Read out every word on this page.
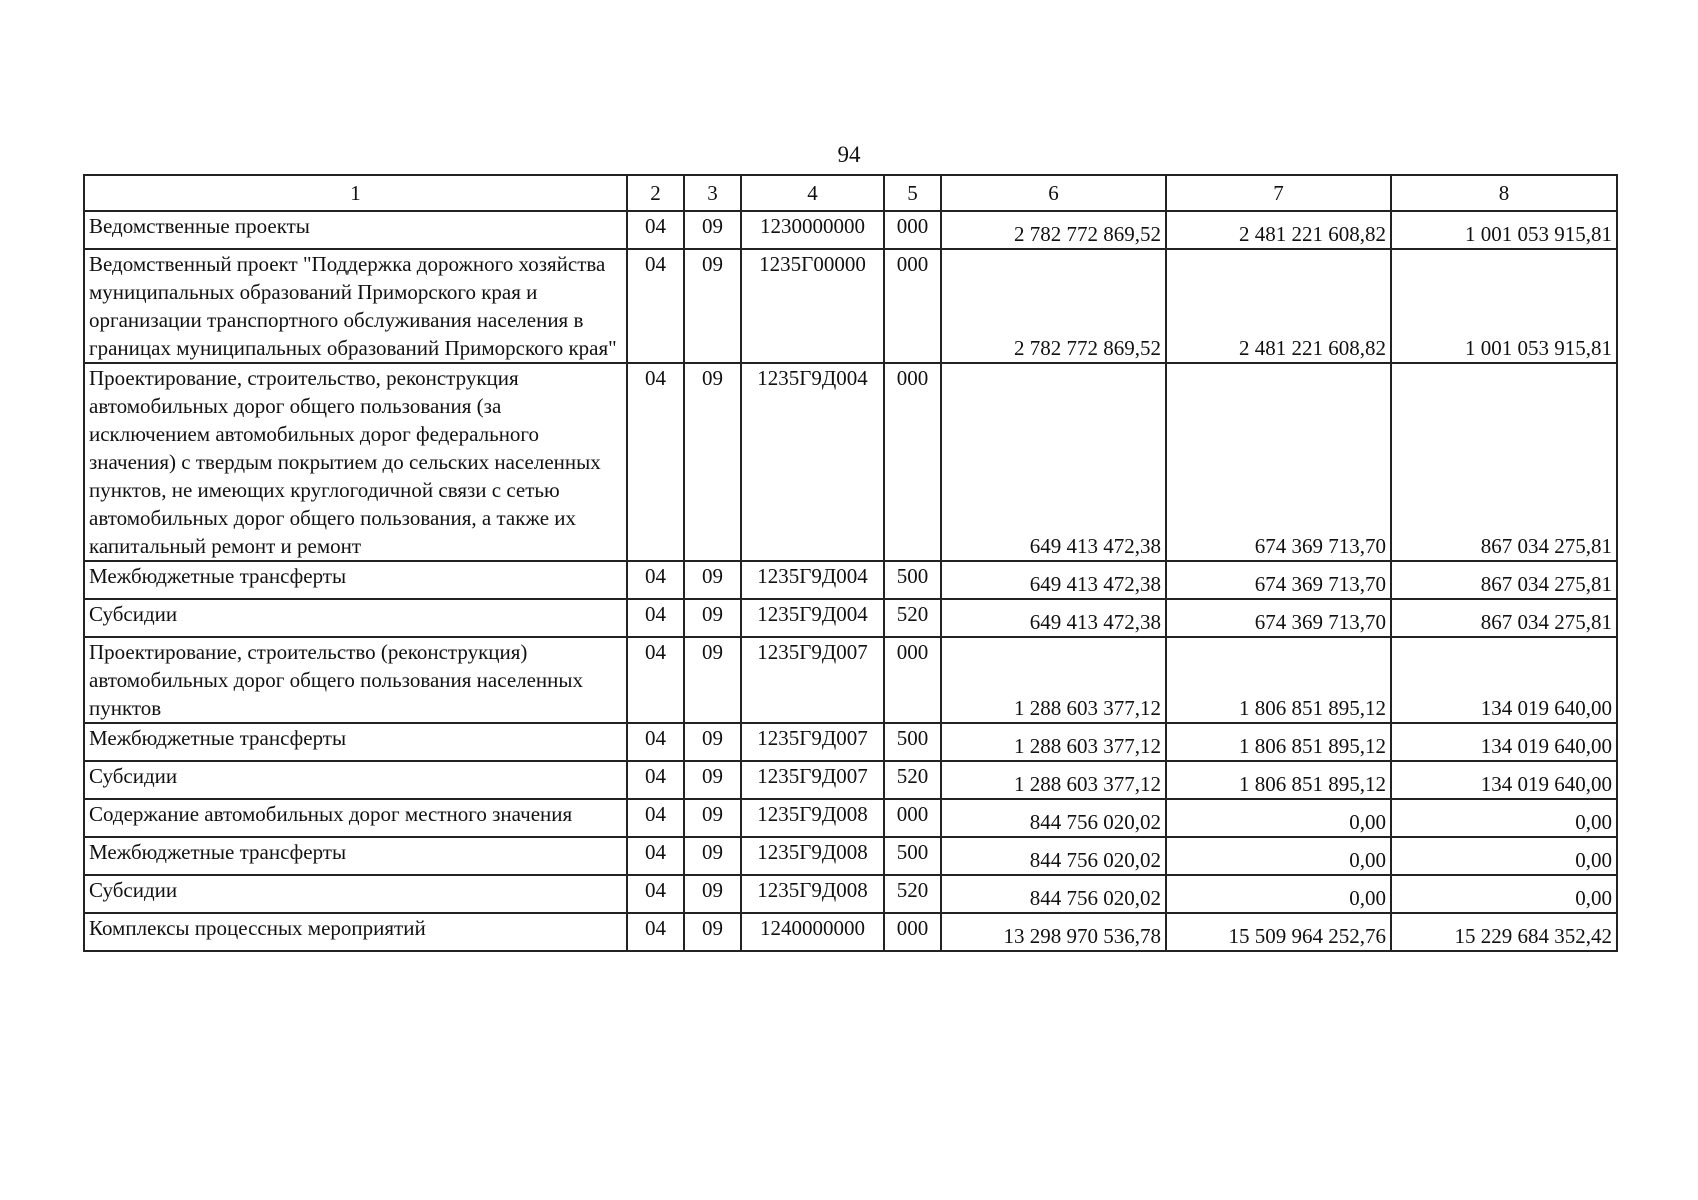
94
1	2	3	4	5	6	7	8
Ведомственные проекты	04	09	1230000000	000	2 782 772 869,52	2 481 221 608,82	1 001 053 915,81
Ведомственный проект "Поддержка дорожного хозяйства муниципальных образований Приморского края и организации транспортного обслуживания населения в границах муниципальных образований Приморского края"	04	09	1235Г00000	000	2 782 772 869,52	2 481 221 608,82	1 001 053 915,81
Проектирование, строительство, реконструкция автомобильных дорог общего пользования (за исключением автомобильных дорог федерального значения) с твердым покрытием до сельских населенных пунктов, не имеющих круглогодичной связи с сетью автомобильных дорог общего пользования, а также их капитальный ремонт и ремонт	04	09	1235Г9Д004	000	649 413 472,38	674 369 713,70	867 034 275,81
Межбюджетные трансферты	04	09	1235Г9Д004	500	649 413 472,38	674 369 713,70	867 034 275,81
Субсидии	04	09	1235Г9Д004	520	649 413 472,38	674 369 713,70	867 034 275,81
Проектирование, строительство (реконструкция) автомобильных дорог общего пользования населенных пунктов	04	09	1235Г9Д007	000	1 288 603 377,12	1 806 851 895,12	134 019 640,00
Межбюджетные трансферты	04	09	1235Г9Д007	500	1 288 603 377,12	1 806 851 895,12	134 019 640,00
Субсидии	04	09	1235Г9Д007	520	1 288 603 377,12	1 806 851 895,12	134 019 640,00
Содержание автомобильных дорог местного значения	04	09	1235Г9Д008	000	844 756 020,02	0,00	0,00
Межбюджетные трансферты	04	09	1235Г9Д008	500	844 756 020,02	0,00	0,00
Субсидии	04	09	1235Г9Д008	520	844 756 020,02	0,00	0,00
Комплексы процессных мероприятий	04	09	1240000000	000	13 298 970 536,78	15 509 964 252,76	15 229 684 352,42
